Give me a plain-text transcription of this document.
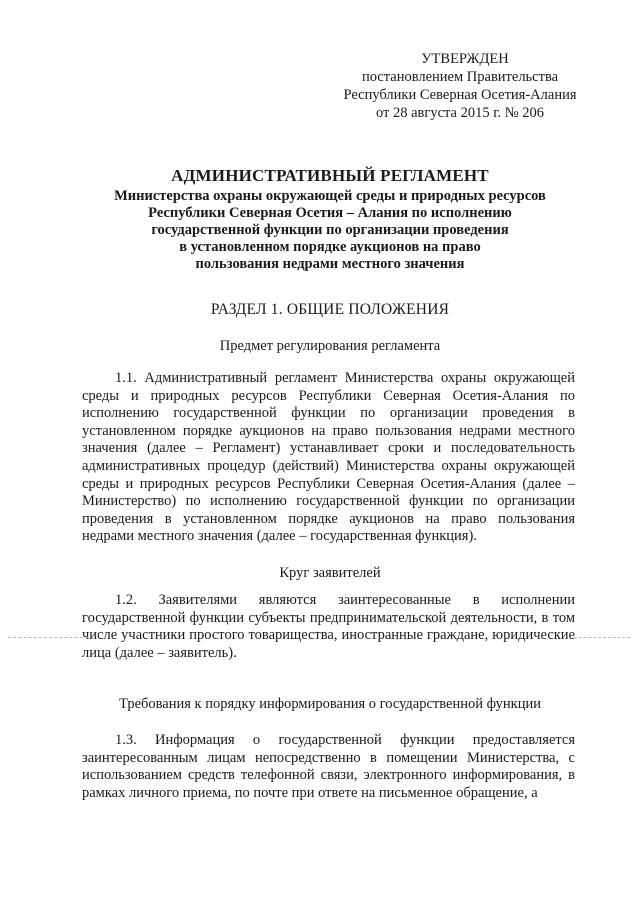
УТВЕРЖДЕН
постановлением Правительства
Республики Северная Осетия-Алания
от 28 августа 2015 г. № 206
АДМИНИСТРАТИВНЫЙ РЕГЛАМЕНТ
Министерства охраны окружающей среды и природных ресурсов
Республики Северная Осетия – Алания по исполнению
государственной функции по организации проведения
в установленном порядке аукционов на право
пользования недрами местного значения
РАЗДЕЛ 1. ОБЩИЕ ПОЛОЖЕНИЯ
Предмет регулирования регламента
1.1. Административный регламент Министерства охраны окружающей среды и природных ресурсов Республики Северная Осетия-Алания по исполнению государственной функции по организации проведения в установленном порядке аукционов на право пользования недрами местного значения (далее – Регламент) устанавливает сроки и последовательность административных процедур (действий) Министерства охраны окружающей среды и природных ресурсов Республики Северная Осетия-Алания (далее – Министерство) по исполнению государственной функции по организации проведения в установленном порядке аукционов на право пользования недрами местного значения (далее – государственная функция).
Круг заявителей
1.2. Заявителями являются заинтересованные в исполнении государственной функции субъекты предпринимательской деятельности, в том числе участники простого товарищества, иностранные граждане, юридические лица (далее – заявитель).
Требования к порядку информирования о государственной функции
1.3. Информация о государственной функции предоставляется заинтересованным лицам непосредственно в помещении Министерства, с использованием средств телефонной связи, электронного информирования, в рамках личного приема, по почте при ответе на письменное обращение, а
